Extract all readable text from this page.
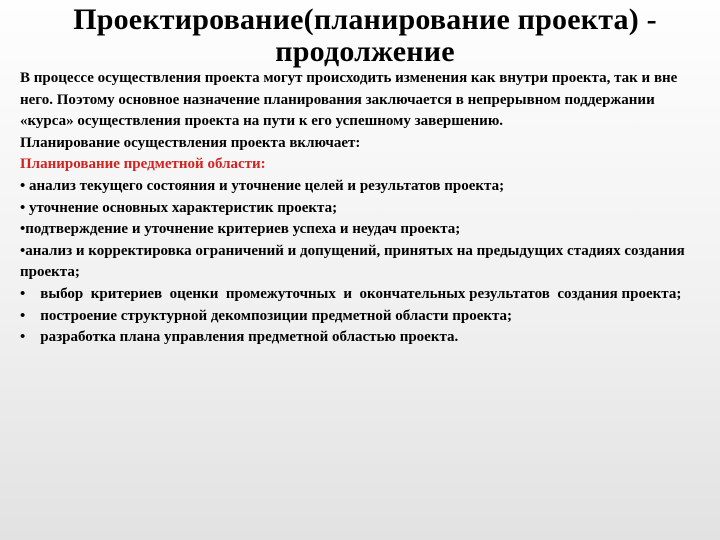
Проектирование(планирование проекта) - продолжение

В процессе осуществления проекта могут происходить изменения как внутри проекта, так и вне него. Поэтому основное назначение планирования заключается в непрерывном поддержании «курса» осуществления проекта на пути к его успешному завершению.

Планирование осуществления проекта включает:

Планирование предметной области:

• анализ текущего состояния и уточнение целей и результатов проекта;

• уточнение основных характеристик проекта;

•подтверждение и уточнение критериев успеха и неудач проекта;

•анализ и корректировка ограничений и допущений, принятых на предыдущих стадиях создания проекта;

•    выбор  критериев  оценки  промежуточных  и  окончательных результатов  создания проекта;

•    построение структурной декомпозиции предметной области проекта;

•    разработка плана управления предметной областью проекта.
